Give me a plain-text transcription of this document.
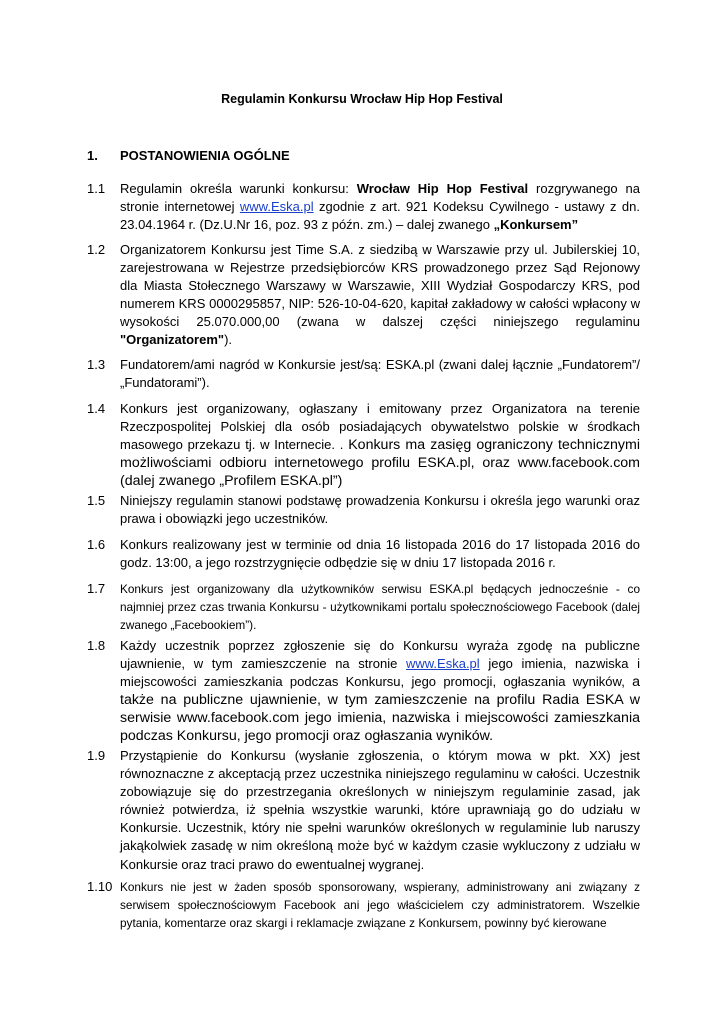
Regulamin Konkursu Wrocław Hip Hop Festival
1. POSTANOWIENIA OGÓLNE
1.1	Regulamin określa warunki konkursu: Wrocław Hip Hop Festival rozgrywanego na stronie internetowej www.Eska.pl zgodnie z art. 921 Kodeksu Cywilnego - ustawy z dn. 23.04.1964 r. (Dz.U.Nr 16, poz. 93 z późn. zm.) – dalej zwanego „Konkursem”
1.2	Organizatorem Konkursu jest Time S.A. z siedzibą w Warszawie przy ul. Jubilerskiej 10, zarejestrowana w Rejestrze przedsiębiorców KRS prowadzonego przez Sąd Rejonowy dla Miasta Stołecznego Warszawy w Warszawie, XIII Wydział Gospodarczy KRS, pod numerem KRS 0000295857, NIP: 526-10-04-620, kapitał zakładowy w całości wpłacony w wysokości 25.070.000,00 (zwana w dalszej części niniejszego regulaminu "Organizatorem").
1.3	Fundatorem/ami nagród w Konkursie jest/są: ESKA.pl (zwani dalej łącznie „Fundatorem”/„Fundatorami”).
1.4	Konkurs jest organizowany, ogłaszany i emitowany przez Organizatora na terenie Rzeczpospolitej Polskiej dla osób posiadających obywatelstwo polskie w środkach masowego przekazu tj. w Internecie. . Konkurs ma zasięg ograniczony technicznymi możliwościami odbioru internetowego profilu ESKA.pl, oraz www.facebook.com (dalej zwanego „Profilem ESKA.pl”)
1.5	Niniejszy regulamin stanowi podstawę prowadzenia Konkursu i określa jego warunki oraz prawa i obowiązki jego uczestników.
1.6	Konkurs realizowany jest w terminie od dnia 16 listopada 2016 do 17 listopada 2016 do godz. 13:00, a jego rozstrzygnięcie odbędzie się w dniu 17 listopada 2016 r.
1.7	Konkurs jest organizowany dla użytkowników serwisu ESKA.pl będących jednocześnie - co najmniej przez czas trwania Konkursu - użytkownikami portalu społecznościowego Facebook (dalej zwanego „Facebookiem”).
1.8	Każdy uczestnik poprzez zgłoszenie się do Konkursu wyraża zgodę na publiczne ujawnienie, w tym zamieszczenie na stronie www.Eska.pl jego imienia, nazwiska i miejscowości zamieszkania podczas Konkursu, jego promocji, ogłaszania wyników, a także na publiczne ujawnienie, w tym zamieszczenie na profilu Radia ESKA w serwisie www.facebook.com jego imienia, nazwiska i miejscowości zamieszkania podczas Konkursu, jego promocji oraz ogłaszania wyników.
1.9	Przystąpienie do Konkursu (wysłanie zgłoszenia, o którym mowa w pkt. XX) jest równoznaczne z akceptacją przez uczestnika niniejszego regulaminu w całości. Uczestnik zobowiązuje się do przestrzegania określonych w niniejszym regulaminie zasad, jak również potwierdza, iż spełnia wszystkie warunki, które uprawniają go do udziału w Konkursie. Uczestnik, który nie spełni warunków określonych w regulaminie lub naruszy jakąkolwiek zasadę w nim określoną może być w każdym czasie wykluczony z udziału w Konkursie oraz traci prawo do ewentualnej wygranej.
1.10 Konkurs nie jest w żaden sposób sponsorowany, wspierany, administrowany ani związany z serwisem społecznościowym Facebook ani jego właścicielem czy administratorem. Wszelkie pytania, komentarze oraz skargi i reklamacje związane z Konkursem, powinny być kierowane
